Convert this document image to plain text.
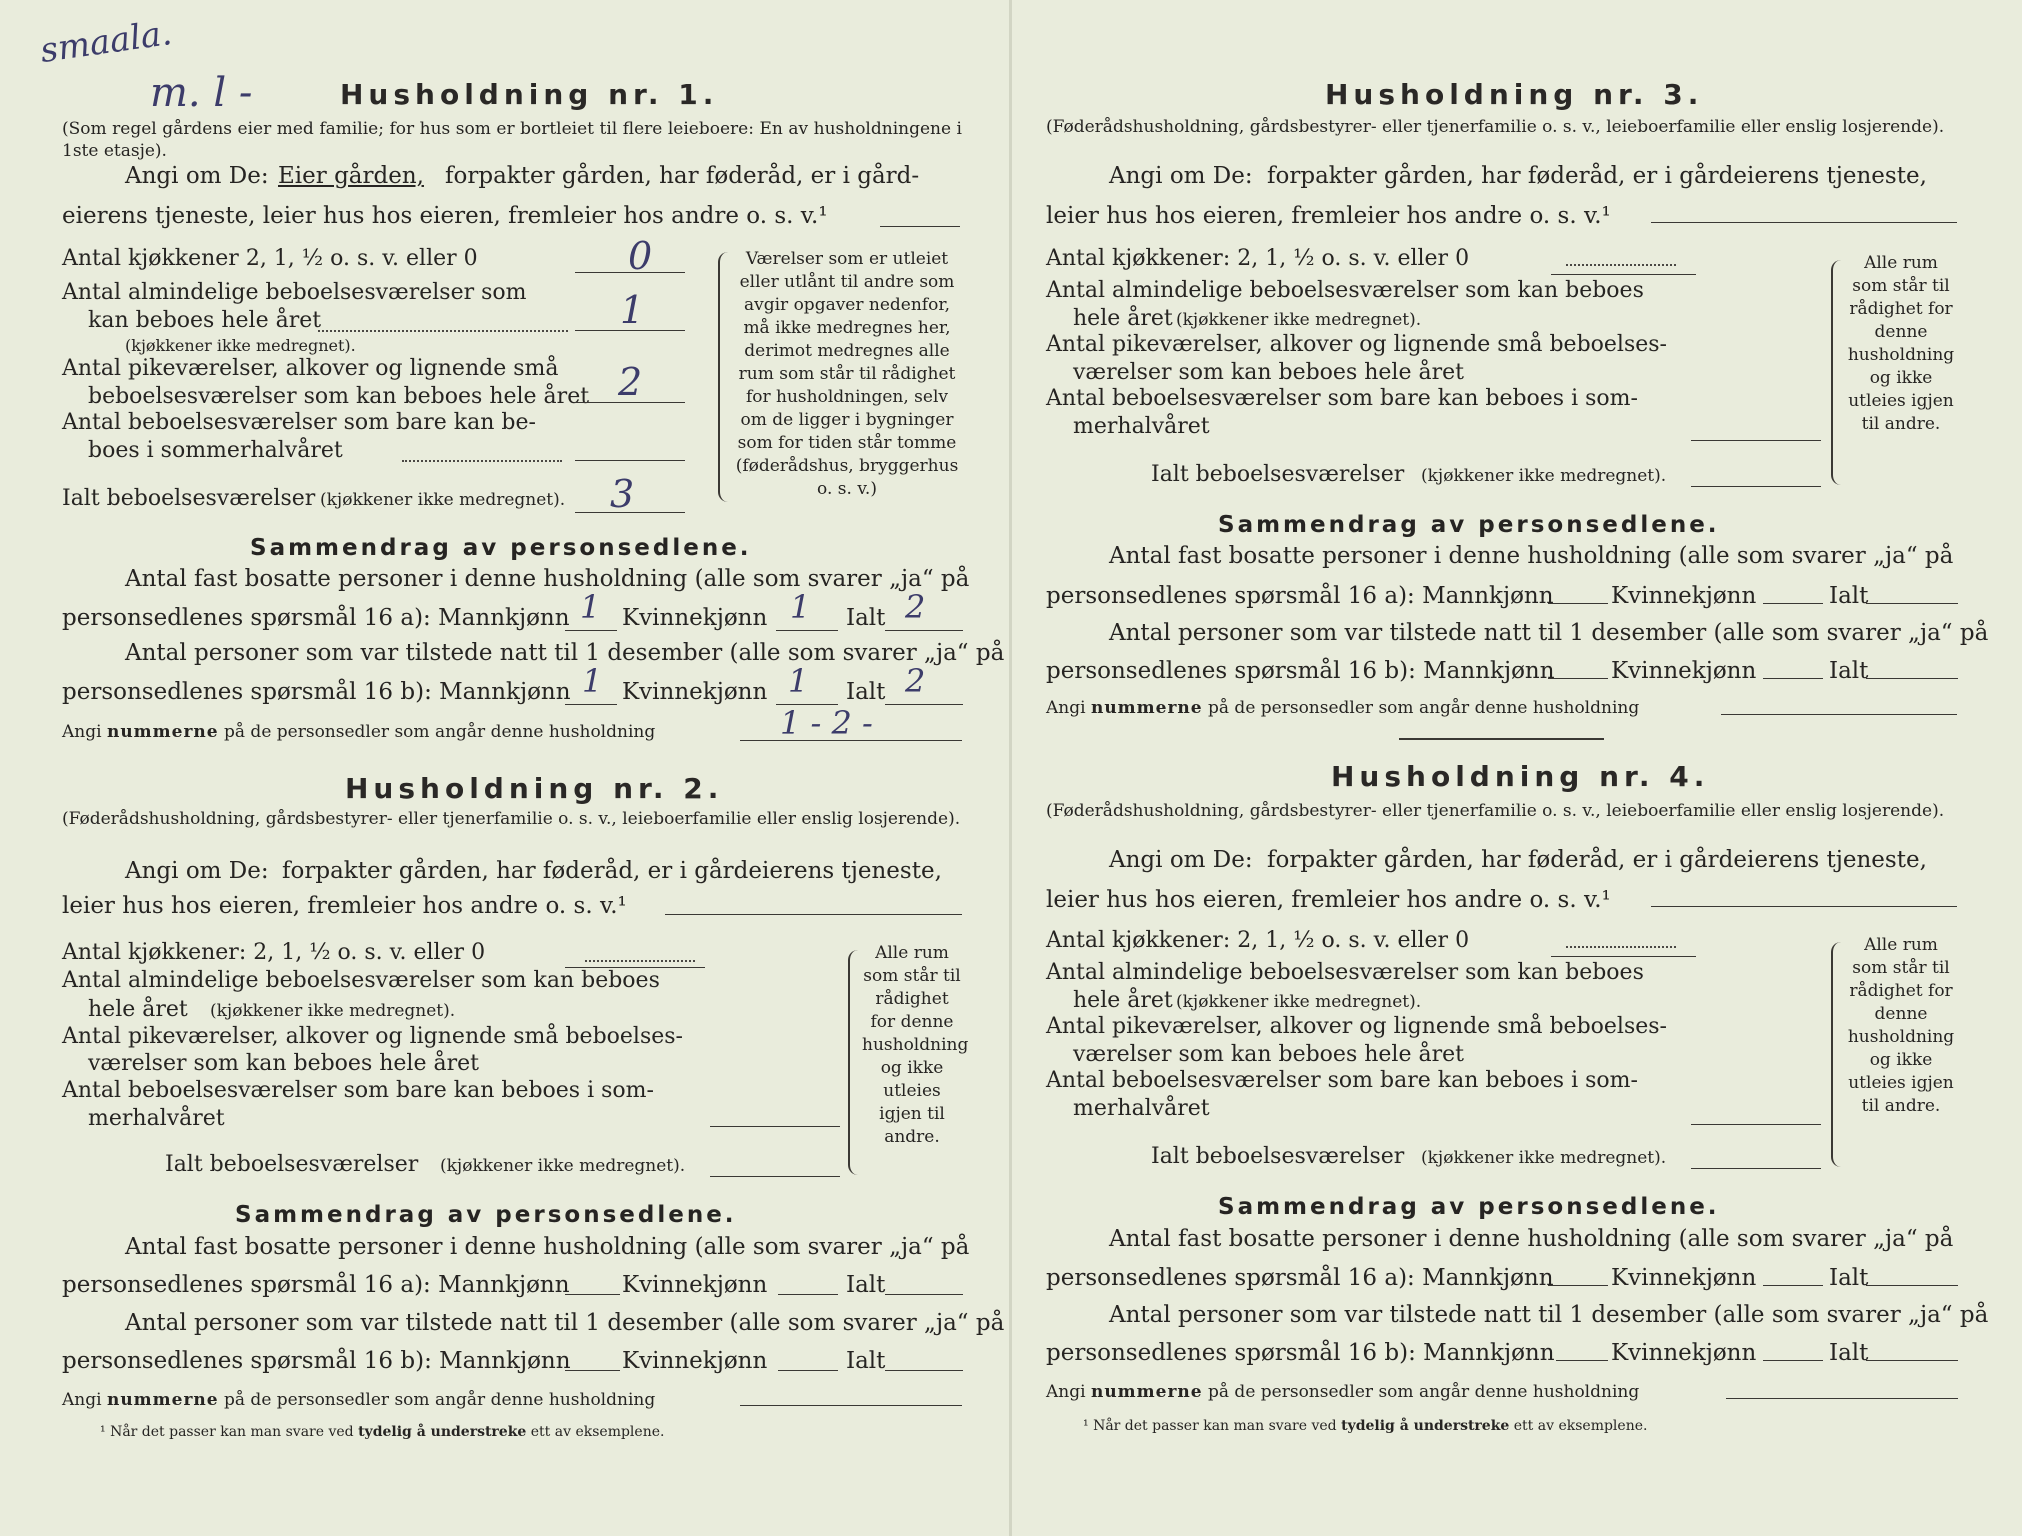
smaala.
m. l -	Husholdning nr. 1.
(Som regel gårdens eier med familie; for hus som er bortleiet til flere leieboere: En av husholdningene i 1ste etasje).
Angi om De: Eier gården, forpakter gården, har føderåd, er i gård-
eierens tjeneste, leier hus hos eieren, fremleier hos andre o. s. v.¹
Antal kjøkkener 2, 1, ½ o. s. v. eller 0	0
Antal almindelige beboelsesværelser som
kan beboes hele året	1
(kjøkkener ikke medregnet).
Antal pikeværelser, alkover og lignende små
beboelsesværelser som kan beboes hele året 2
Antal beboelsesværelser som bare kan be-
boes i sommerhalvåret
Ialt beboelsesværelser (kjøkkener ikke medregnet). 3
Værelser som er utleiet eller utlånt til andre som avgir opgaver nedenfor, må ikke medregnes her, derimot medregnes alle rum som står til rådighet for husholdningen, selv om de ligger i bygninger som for tiden står tomme (føderådshus, bryggerhus o. s. v.)
Sammendrag av personsedlene.
Antal fast bosatte personer i denne husholdning (alle som svarer „ja“ på
personsedlenes spørsmål 16 a): Mannkjønn 1 Kvinnekjønn 1 Ialt 2
Antal personer som var tilstede natt til 1 desember (alle som svarer „ja“ på
personsedlenes spørsmål 16 b): Mannkjønn 1 Kvinnekjønn 1 Ialt 2
Angi nummerne på de personsedler som angår denne husholdning	1 - 2 -
Husholdning nr. 2.
(Føderådshusholdning, gårdsbestyrer- eller tjenerfamilie o. s. v., leieboerfamilie eller enslig losjerende).
Angi om De: forpakter gården, har føderåd, er i gårdeierens tjeneste,
leier hus hos eieren, fremleier hos andre o. s. v.¹
Antal kjøkkener: 2, 1, ½ o. s. v. eller 0
Antal almindelige beboelsesværelser som kan beboes
hele året (kjøkkener ikke medregnet).
Antal pikeværelser, alkover og lignende små beboelses-
værelser som kan beboes hele året
Antal beboelsesværelser som bare kan beboes i som-
merhalvåret
Ialt beboelsesværelser (kjøkkener ikke medregnet).
Alle rum som står til rådighet for denne husholdning og ikke utleies igjen til andre.
Sammendrag av personsedlene.
Antal fast bosatte personer i denne husholdning (alle som svarer „ja“ på
personsedlenes spørsmål 16 a): Mannkjønn Kvinnekjønn	Ialt
Antal personer som var tilstede natt til 1 desember (alle som svarer „ja“ på
personsedlenes spørsmål 16 b): Mannkjønn Kvinnekjønn	Ialt
Angi nummerne på de personsedler som angår denne husholdning
¹ Når det passer kan man svare ved tydelig å understreke ett av eksemplene.
Husholdning nr. 3.
(Føderådshusholdning, gårdsbestyrer- eller tjenerfamilie o. s. v., leieboerfamilie eller enslig losjerende).
Angi om De: forpakter gården, har føderåd, er i gårdeierens tjeneste,
leier hus hos eieren, fremleier hos andre o. s. v.¹
Antal kjøkkener: 2, 1, ½ o. s. v. eller 0
Antal almindelige beboelsesværelser som kan beboes
hele året (kjøkkener ikke medregnet).
Antal pikeværelser, alkover og lignende små beboelses-
værelser som kan beboes hele året
Antal beboelsesværelser som bare kan beboes i som-
merhalvåret
Ialt beboelsesværelser (kjøkkener ikke medregnet).
Alle rum som står til rådighet for denne husholdning og ikke utleies igjen til andre.
Sammendrag av personsedlene.
Antal fast bosatte personer i denne husholdning (alle som svarer „ja“ på
personsedlenes spørsmål 16 a): Mannkjønn Kvinnekjønn	Ialt
Antal personer som var tilstede natt til 1 desember (alle som svarer „ja“ på
personsedlenes spørsmål 16 b): Mannkjønn Kvinnekjønn	Ialt
Angi nummerne på de personsedler som angår denne husholdning
Husholdning nr. 4.
(Føderådshusholdning, gårdsbestyrer- eller tjenerfamilie o. s. v., leieboerfamilie eller enslig losjerende).
Angi om De: forpakter gården, har føderåd, er i gårdeierens tjeneste,
leier hus hos eieren, fremleier hos andre o. s. v.¹
Antal kjøkkener: 2, 1, ½ o. s. v. eller 0
Antal almindelige beboelsesværelser som kan beboes
hele året (kjøkkener ikke medregnet).
Antal pikeværelser, alkover og lignende små beboelses-
værelser som kan beboes hele året
Antal beboelsesværelser som bare kan beboes i som-
merhalvåret
Ialt beboelsesværelser (kjøkkener ikke medregnet).
Alle rum som står til rådighet for denne husholdning og ikke utleies igjen til andre.
Sammendrag av personsedlene.
Antal fast bosatte personer i denne husholdning (alle som svarer „ja“ på
personsedlenes spørsmål 16 a): Mannkjønn Kvinnekjønn	Ialt
Antal personer som var tilstede natt til 1 desember (alle som svarer „ja“ på
personsedlenes spørsmål 16 b): Mannkjønn Kvinnekjønn	Ialt
Angi nummerne på de personsedler som angår denne husholdning
¹ Når det passer kan man svare ved tydelig å understreke ett av eksemplene.
